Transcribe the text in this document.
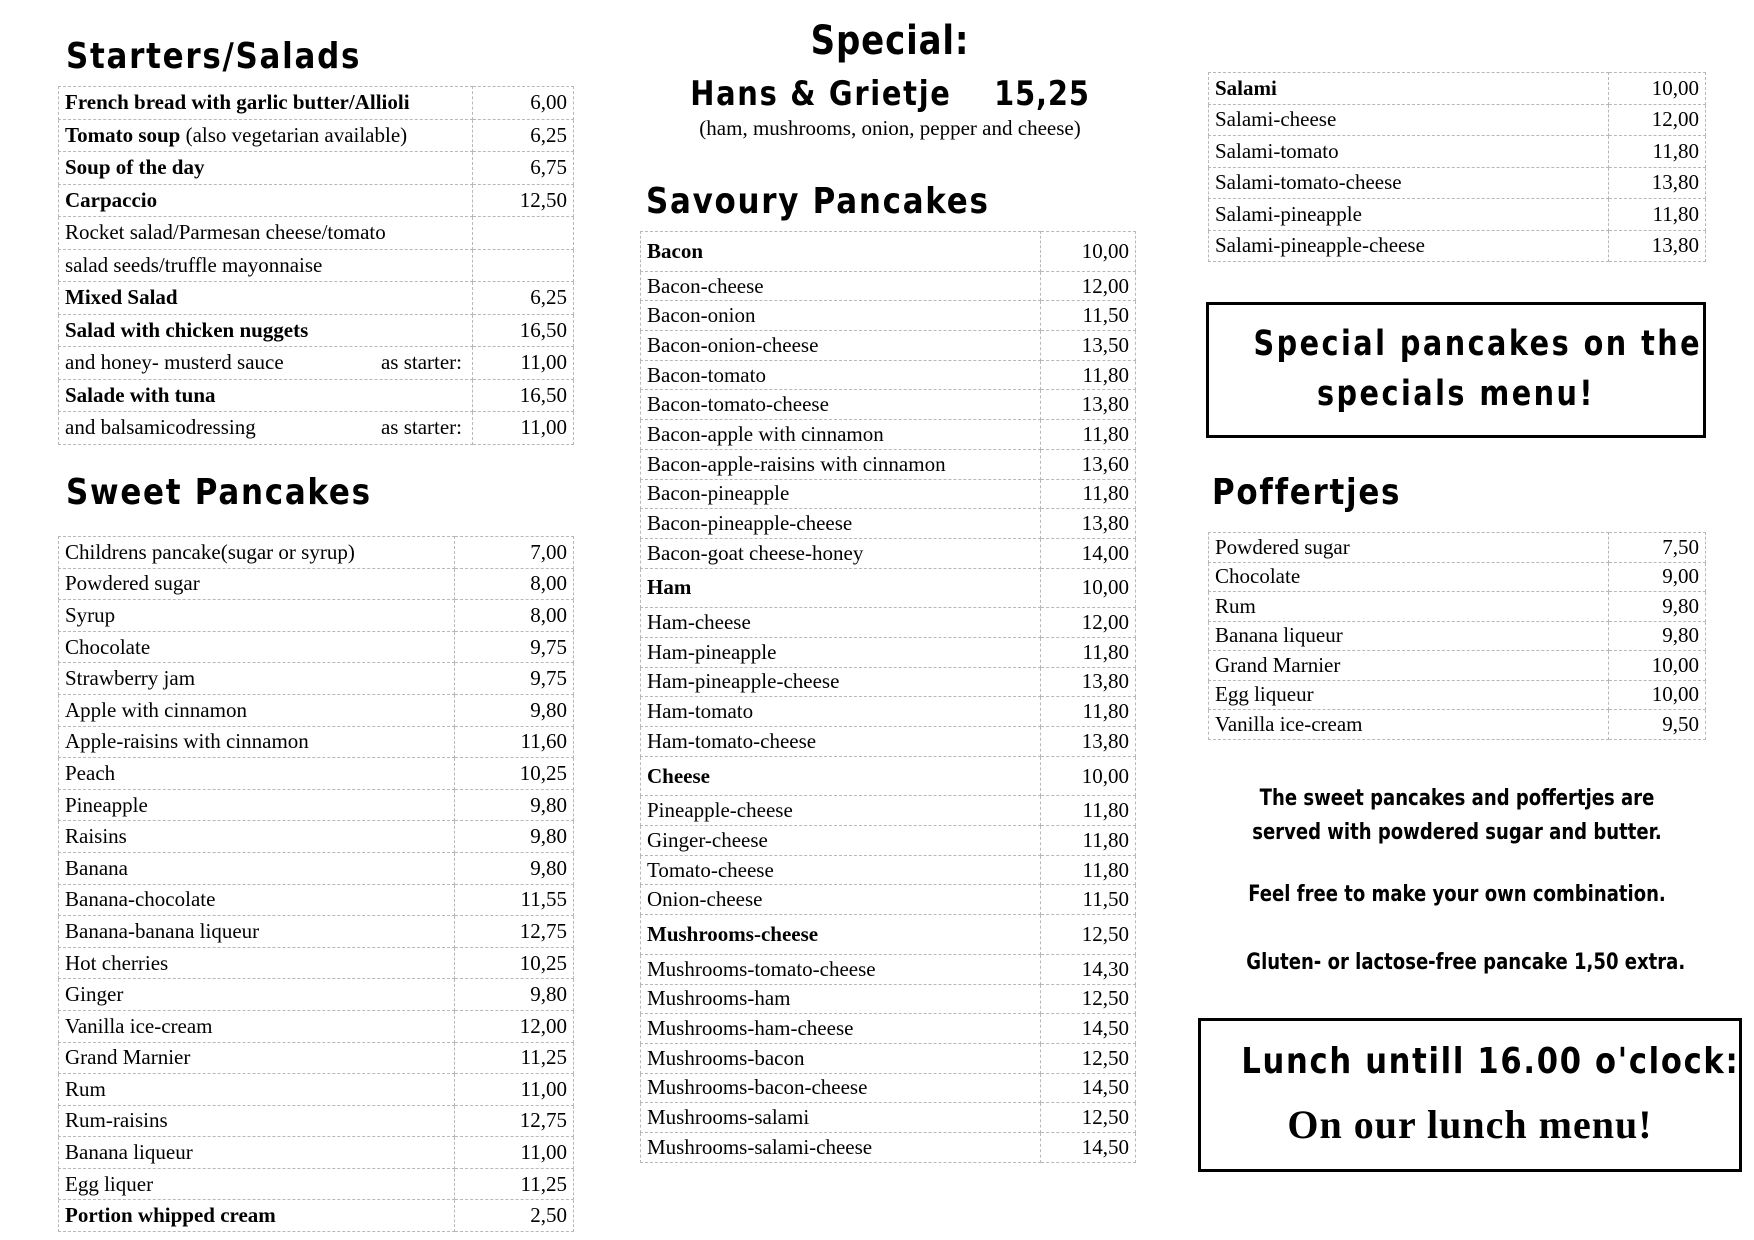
Starters/Salads
French bread with garlic butter/Allioli	6,00
Tomato soup (also vegetarian available)	6,25
Soup of the day	6,75
Carpaccio	12,50
Rocket salad/Parmesan cheese/tomato	
salad seeds/truffle mayonnaise	
Mixed Salad	6,25
Salad with chicken nuggets	16,50
and honey- musterd sauce as starter:	11,00
Salade with tuna	16,50
and balsamicodressing as starter:	11,00
Sweet Pancakes
Childrens pancake(sugar or syrup)	7,00
Powdered sugar	8,00
Syrup	8,00
Chocolate	9,75
Strawberry jam	9,75
Apple with cinnamon	9,80
Apple-raisins with cinnamon	11,60
Peach	10,25
Pineapple	9,80
Raisins	9,80
Banana	9,80
Banana-chocolate	11,55
Banana-banana liqueur	12,75
Hot cherries	10,25
Ginger	9,80
Vanilla ice-cream	12,00
Grand Marnier	11,25
Rum	11,00
Rum-raisins	12,75
Banana liqueur	11,00
Egg liquer	11,25
Portion whipped cream	2,50
Special:
Hans & Grietje 15,25
(ham, mushrooms, onion, pepper and cheese)
Savoury Pancakes
Bacon	10,00
Bacon-cheese	12,00
Bacon-onion	11,50
Bacon-onion-cheese	13,50
Bacon-tomato	11,80
Bacon-tomato-cheese	13,80
Bacon-apple with cinnamon	11,80
Bacon-apple-raisins with cinnamon	13,60
Bacon-pineapple	11,80
Bacon-pineapple-cheese	13,80
Bacon-goat cheese-honey	14,00
Ham	10,00
Ham-cheese	12,00
Ham-pineapple	11,80
Ham-pineapple-cheese	13,80
Ham-tomato	11,80
Ham-tomato-cheese	13,80
Cheese	10,00
Pineapple-cheese	11,80
Ginger-cheese	11,80
Tomato-cheese	11,80
Onion-cheese	11,50
Mushrooms-cheese	12,50
Mushrooms-tomato-cheese	14,30
Mushrooms-ham	12,50
Mushrooms-ham-cheese	14,50
Mushrooms-bacon	12,50
Mushrooms-bacon-cheese	14,50
Mushrooms-salami	12,50
Mushrooms-salami-cheese	14,50
Salami	10,00
Salami-cheese	12,00
Salami-tomato	11,80
Salami-tomato-cheese	13,80
Salami-pineapple	11,80
Salami-pineapple-cheese	13,80
Special pancakes on the
specials menu!
Poffertjes
Powdered sugar	7,50
Chocolate	9,00
Rum	9,80
Banana liqueur	9,80
Grand Marnier	10,00
Egg liqueur	10,00
Vanilla ice-cream	9,50
The sweet pancakes and poffertjes are
served with powdered sugar and butter.
Feel free to make your own combination.
Gluten- or lactose-free pancake 1,50 extra.
Lunch untill 16.00 o'clock:
On our lunch menu!
